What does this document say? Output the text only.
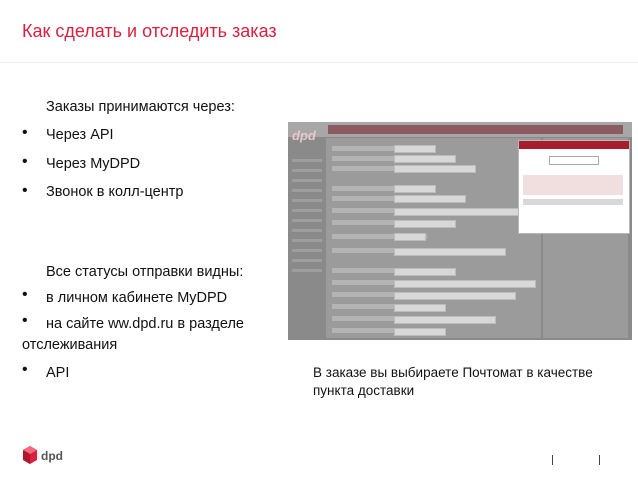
Как сделать и отследить заказ
Заказы принимаются через:
• Через API
• Через MyDPD
• Звонок в колл-центр
Все статусы отправки видны:
• в личном кабинете MyDPD
• на сайте ww.dpd.ru в разделе
отслеживания
• API
dpd
В заказе вы выбираете Почтомат в качестве пункта доставки
dpd
